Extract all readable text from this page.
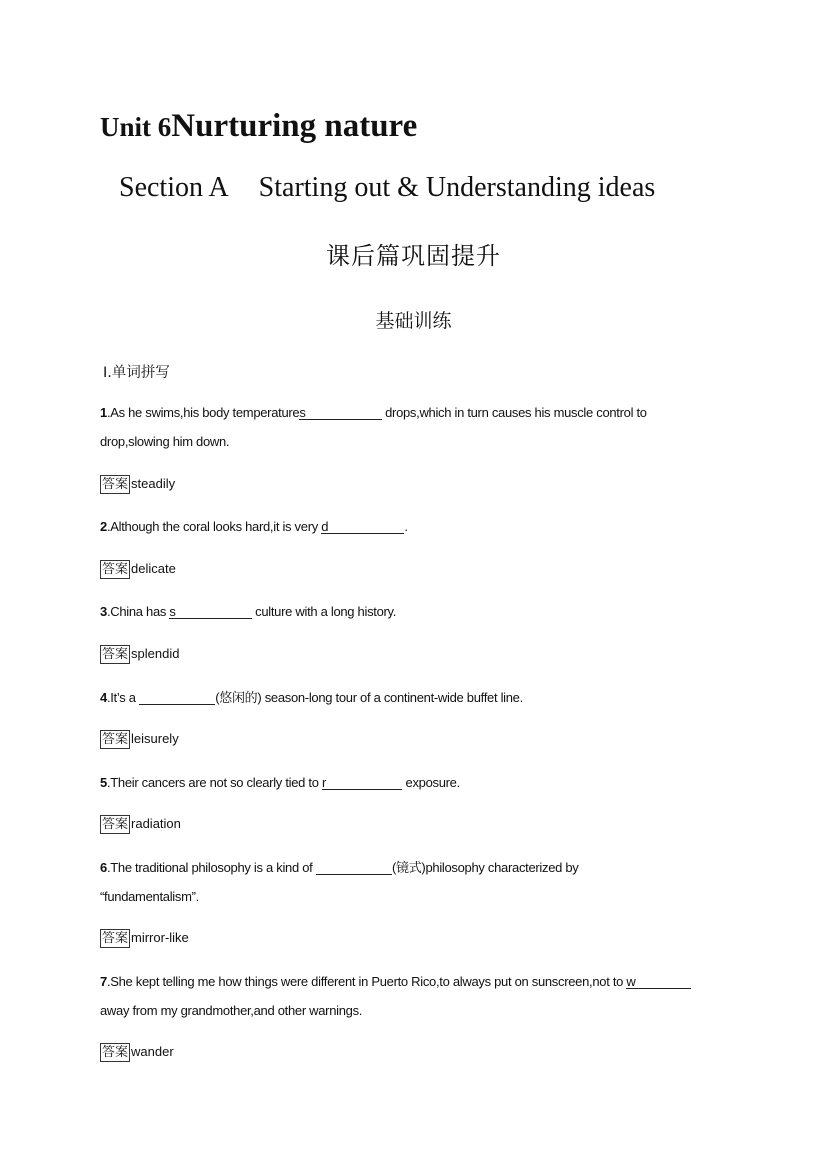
Unit 6Nurturing nature
Section A Starting out & Understanding ideas
课后篇巩固提升
基础训练
Ⅰ.单词拼写
1.As he swims,his body temperatures	drops,which in turn causes his muscle control to
drop,slowing him down.
答案 steadily
2.Although the coral looks hard,it is very d	.
答案 delicate
3.China has s	culture with a long history.
答案 splendid
4.It’s a	(悠闲的) season-long tour of a continent-wide buffet line.
答案 leisurely
5.Their cancers are not so clearly tied to r	exposure.
答案 radiation
6.The traditional philosophy is a kind of	(镜式)philosophy characterized by
“fundamentalism”.
答案 mirror-like
7.She kept telling me how things were different in Puerto Rico,to always put on sunscreen,not to w
away from my grandmother,and other warnings.
答案 wander
